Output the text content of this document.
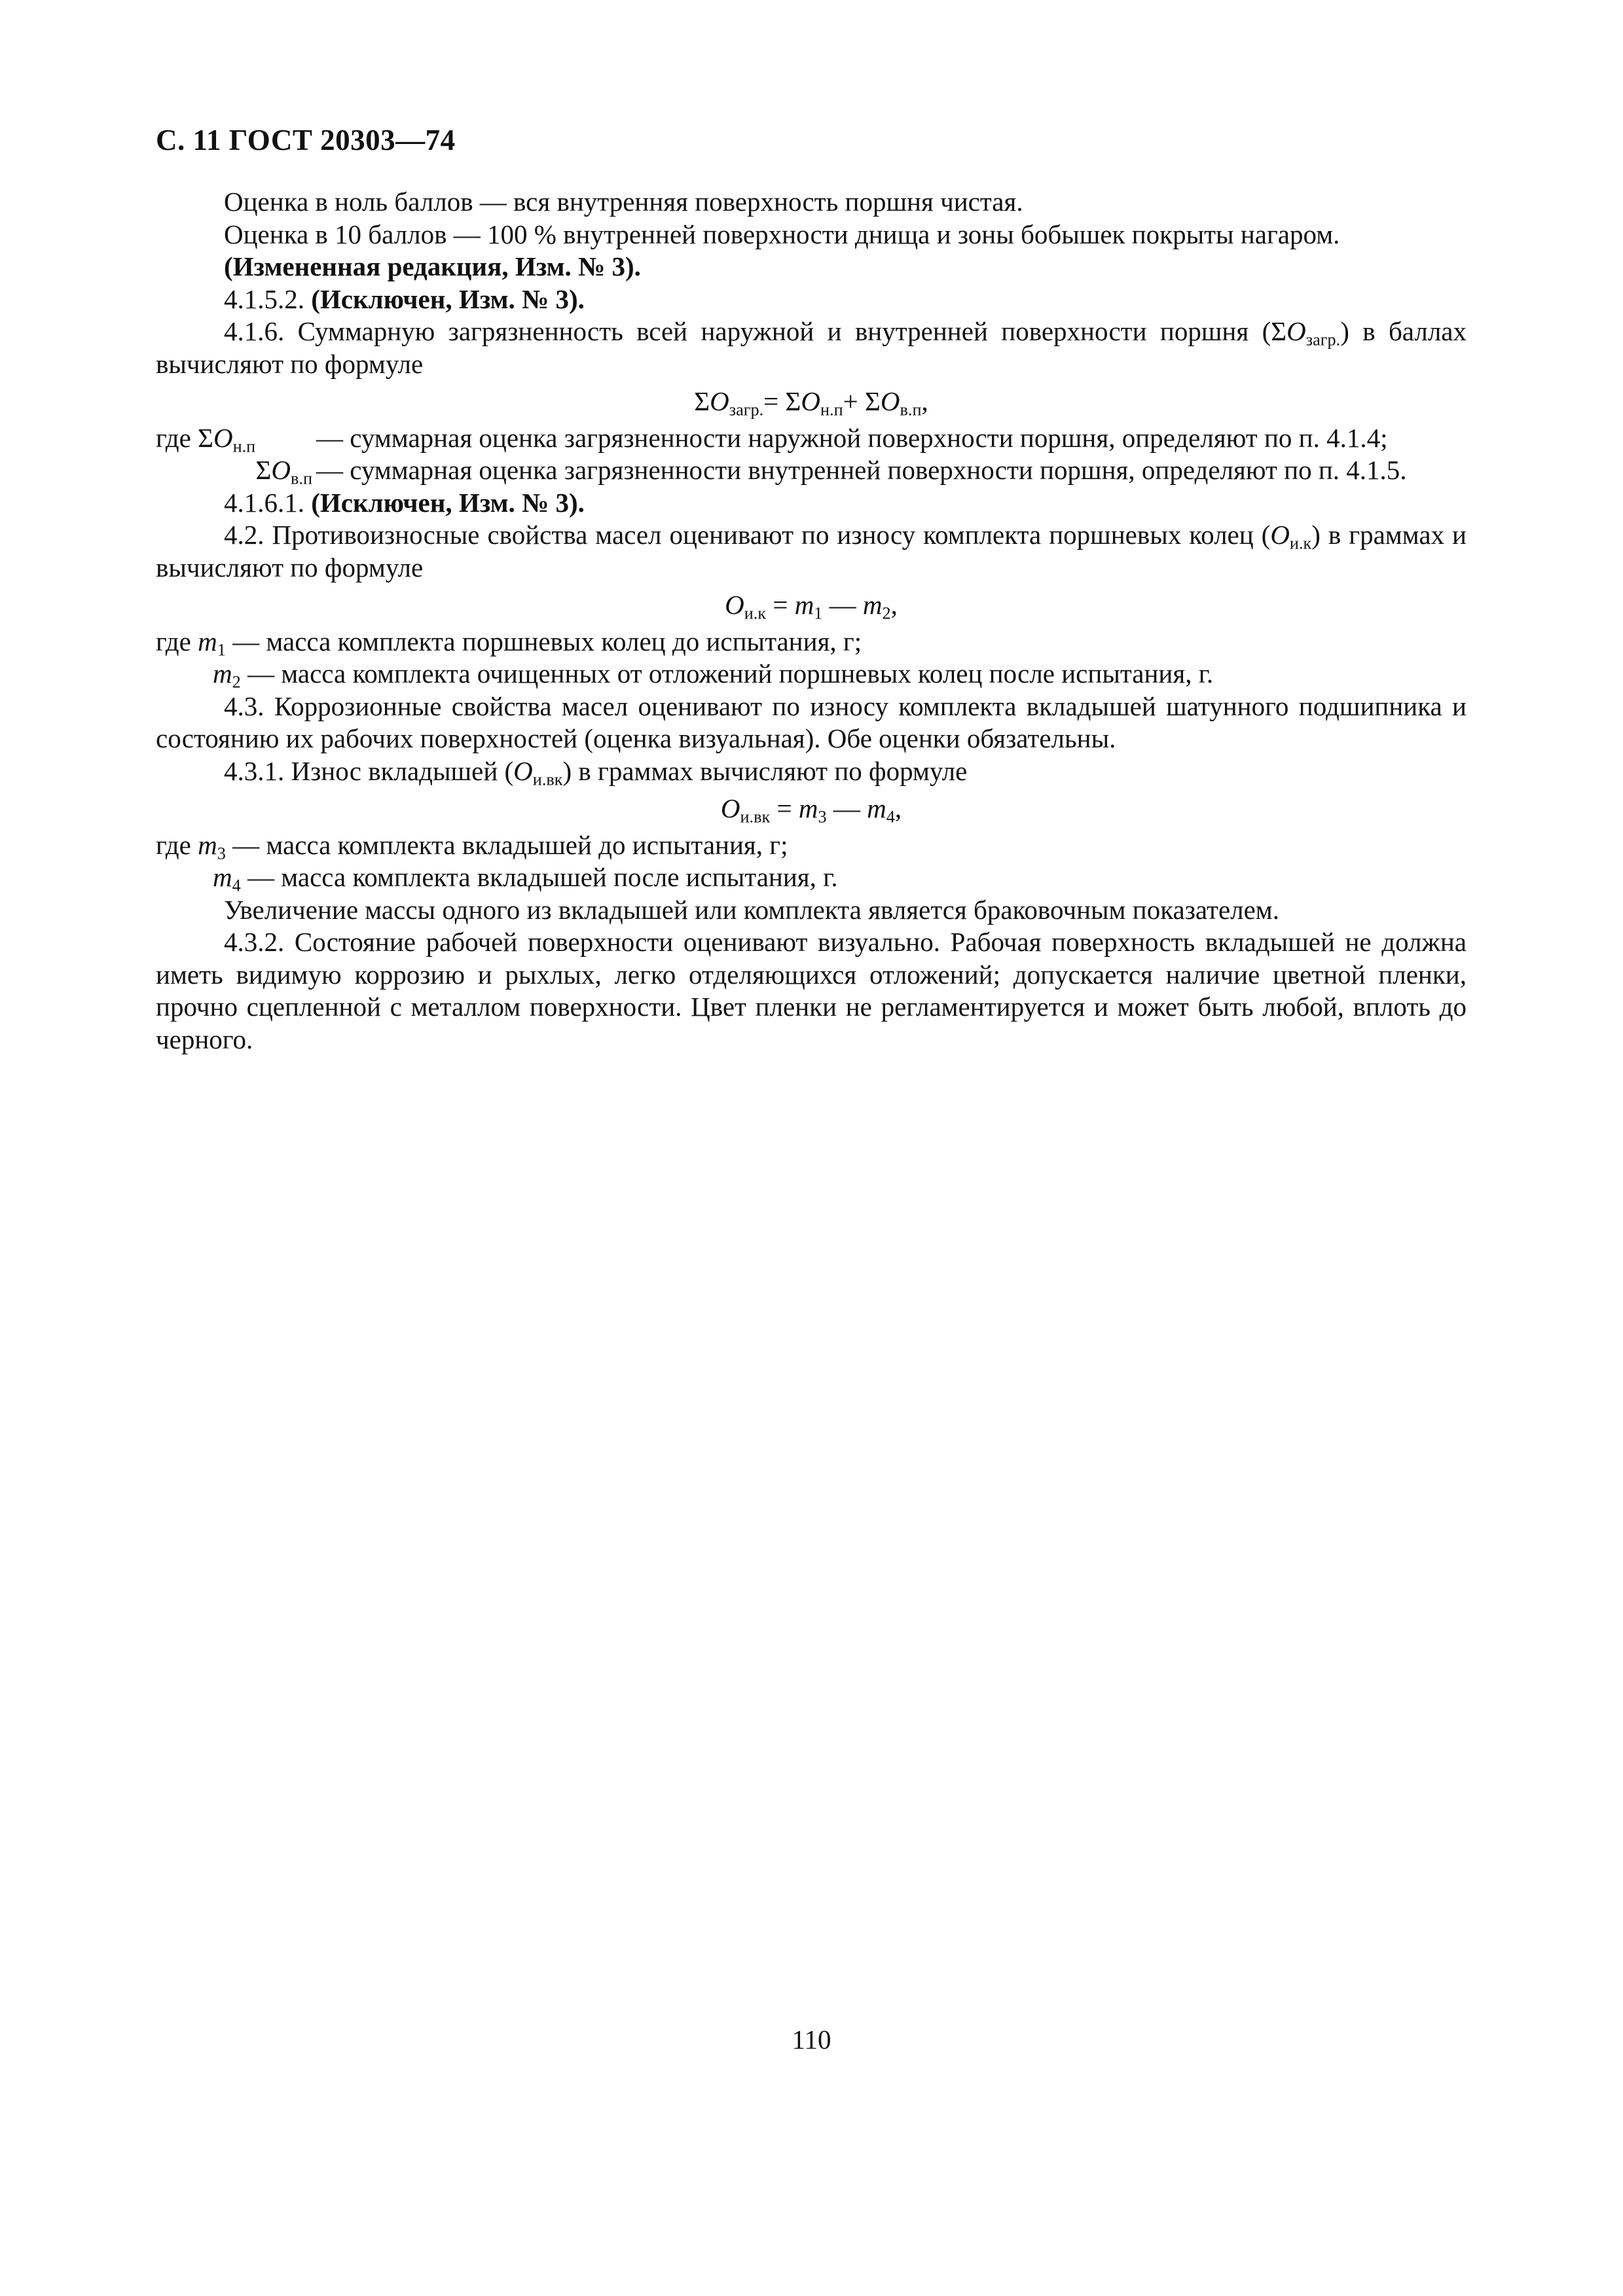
С. 11 ГОСТ 20303—74

Оценка в ноль баллов — вся внутренняя поверхность поршня чистая.

Оценка в 10 баллов — 100 % внутренней поверхности днища и зоны бобышек покрыты нагаром.

(Измененная редакция, Изм. № 3).

4.1.5.2. (Исключен, Изм. № 3).

4.1.6. Суммарную загрязненность всей наружной и внутренней поверхности поршня $(\Sigma O_{загр.})$ в баллах вычисляют по формуле

$\Sigma O_{загр.}= \Sigma O_{н.п}+ \Sigma O_{в.п}$,

где $\Sigma O_{н.п}$	— суммарная оценка загрязненности наружной поверхности поршня, определяют по п. 4.1.4;
$\Sigma O_{в.п}$ — суммарная оценка загрязненности внутренней поверхности поршня, определяют по п. 4.1.5.

4.1.6.1. (Исключен, Изм. № 3).

4.2. Противоизносные свойства масел оценивают по износу комплекта поршневых колец $(O_{и.к})$ в граммах и вычисляют по формуле

$O_{и.к} = m_1$ — $m_2$,

где $m_1$ — масса комплекта поршневых колец до испытания, г;

$m_2$ — масса комплекта очищенных от отложений поршневых колец после испытания, г.

4.3. Коррозионные свойства масел оценивают по износу комплекта вкладышей шатунного подшипника и состоянию их рабочих поверхностей (оценка визуальная). Обе оценки обязательны.

4.3.1. Износ вкладышей $(O_{и.вк})$ в граммах вычисляют по формуле

$O_{и.вк} = m_3$ — $m_4$,

где $m_3$ — масса комплекта вкладышей до испытания, г;

$m_4$ — масса комплекта вкладышей после испытания, г.

Увеличение массы одного из вкладышей или комплекта является браковочным показателем.

4.3.2. Состояние рабочей поверхности оценивают визуально. Рабочая поверхность вкладышей не должна иметь видимую коррозию и рыхлых, легко отделяющихся отложений; допускается наличие цветной пленки, прочно сцепленной с металлом поверхности. Цвет пленки не регламентируется и может быть любой, вплоть до черного.

110
